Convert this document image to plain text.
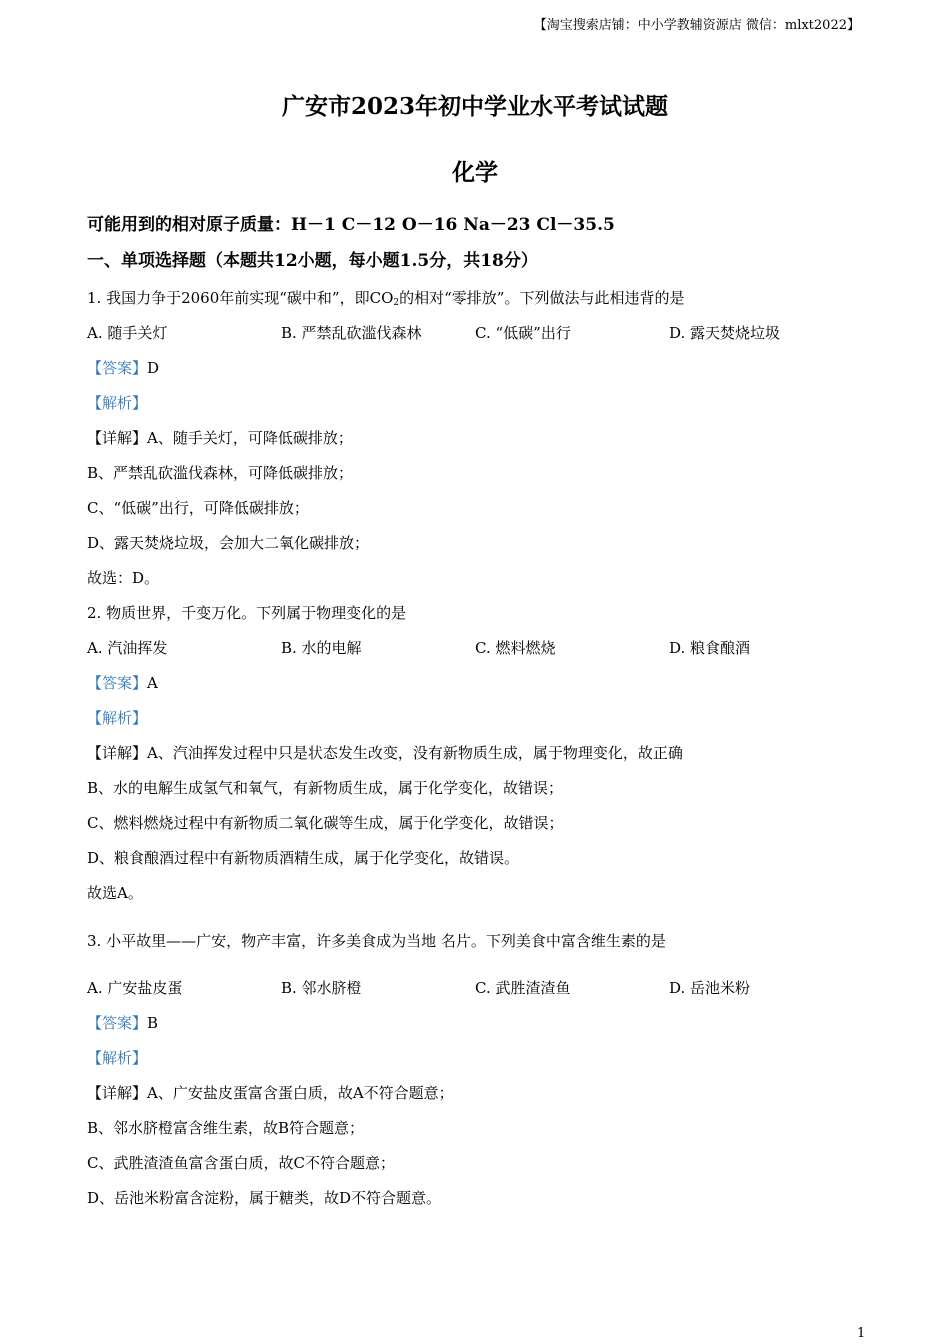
【淘宝搜索店铺：中小学教辅资源店 微信：mlxt2022】
广安市2023年初中学业水平考试试题
化学
可能用到的相对原子质量：H－1 C－12 O－16 Na－23 Cl－35.5
一、单项选择题（本题共12小题，每小题1.5分，共18分）
1. 我国力争于2060年前实现“碳中和”，即$CO_2$的相对“零排放”。下列做法与此相违背的是
A. 随手关灯	B. 严禁乱砍滥伐森林	C. “低碳”出行	D. 露天焚烧垃圾
【答案】D
【解析】
【详解】A、随手关灯，可降低碳排放；
B、严禁乱砍滥伐森林，可降低碳排放；
C、“低碳”出行，可降低碳排放；
D、露天焚烧垃圾，会加大二氧化碳排放；
故选：D。
2. 物质世界，千变万化。下列属于物理变化的是
A. 汽油挥发	B. 水的电解	C. 燃料燃烧	D. 粮食酿酒
【答案】A
【解析】
【详解】A、汽油挥发过程中只是状态发生改变，没有新物质生成，属于物理变化，故正确
B、水的电解生成氢气和氧气，有新物质生成，属于化学变化，故错误；
C、燃料燃烧过程中有新物质二氧化碳等生成，属于化学变化，故错误；
D、粮食酿酒过程中有新物质酒精生成，属于化学变化，故错误。
故选A。
3. 小平故里——广安，物产丰富，许多美食成为当地 名片。下列美食中富含维生素的是
A. 广安盐皮蛋	B. 邻水脐橙	C. 武胜渣渣鱼	D. 岳池米粉
【答案】B
【解析】
【详解】A、广安盐皮蛋富含蛋白质，故A不符合题意；
B、邻水脐橙富含维生素，故B符合题意；
C、武胜渣渣鱼富含蛋白质，故C不符合题意；
D、岳池米粉富含淀粉，属于糖类，故D不符合题意。
1
